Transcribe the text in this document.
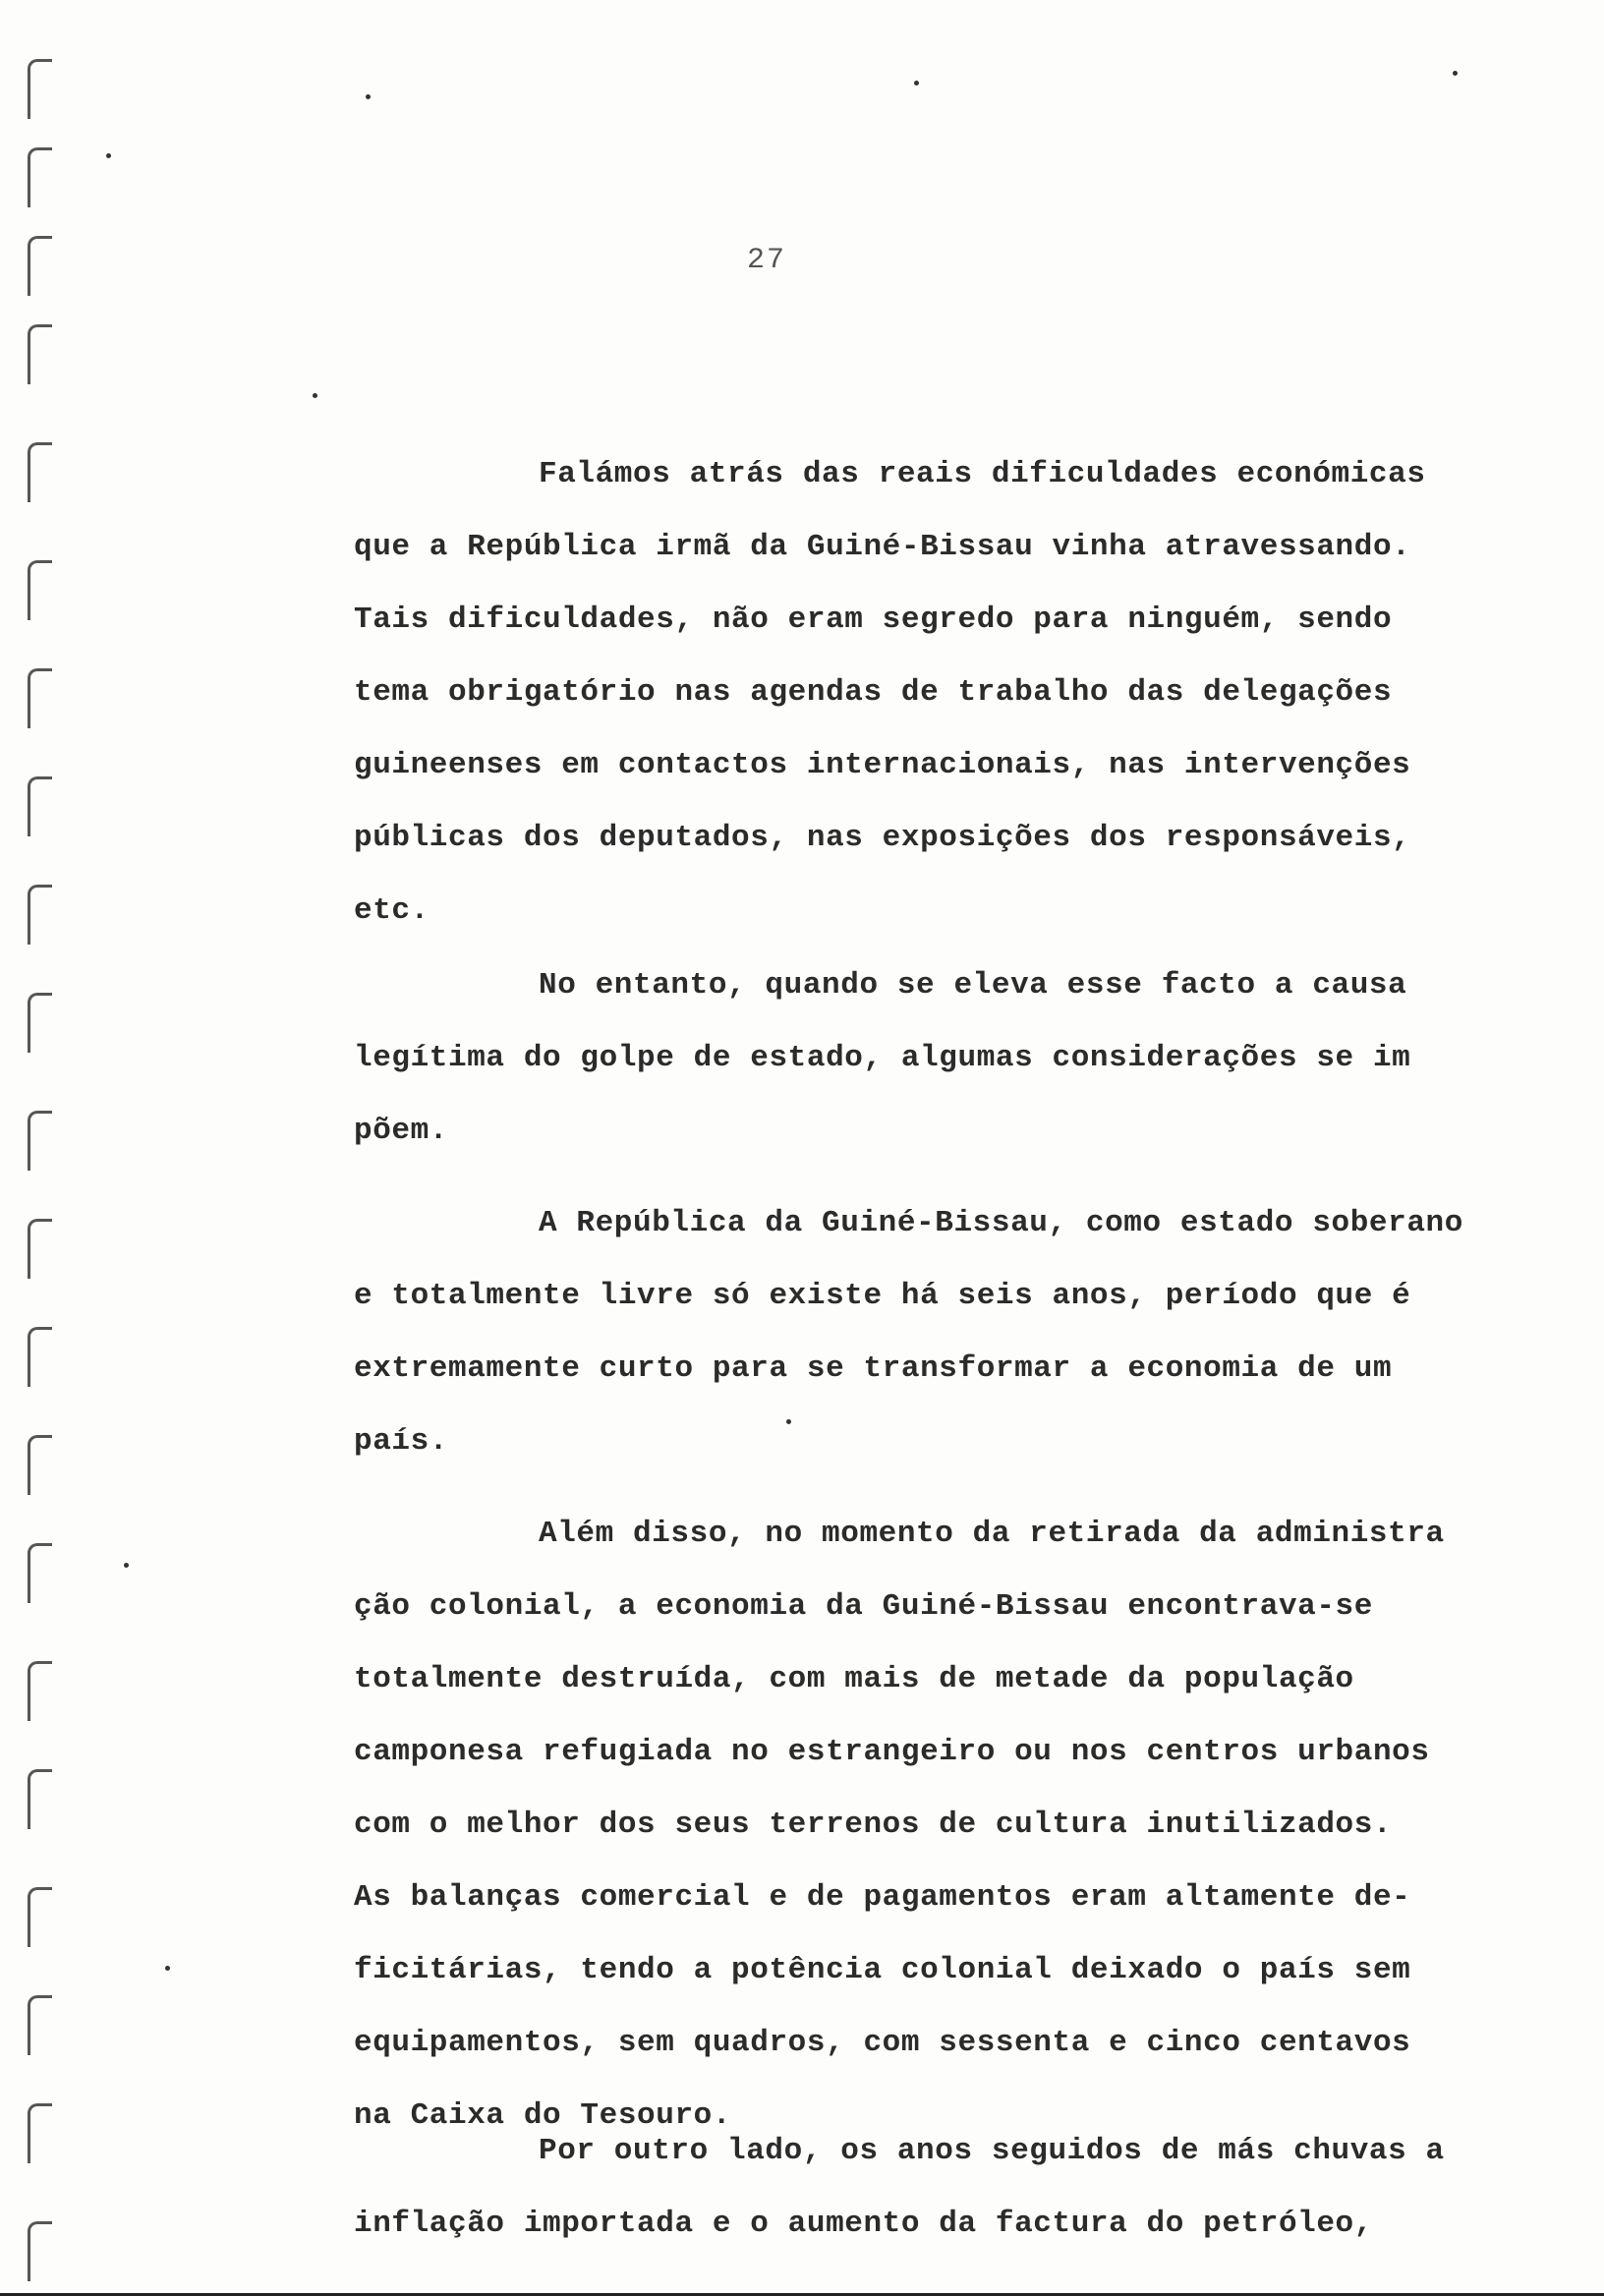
27
Falámos atrás das reais dificuldades económicas
que a República irmã da Guiné-Bissau vinha atravessando.
Tais dificuldades, não eram segredo para ninguém, sendo
tema obrigatório nas agendas de trabalho das delegações
guineenses em contactos internacionais, nas intervenções
públicas dos deputados, nas exposições dos responsáveis,
etc.
No entanto, quando se eleva esse facto a causa
legítima do golpe de estado, algumas considerações se im
põem.
A República da Guiné-Bissau, como estado soberano
e totalmente livre só existe há seis anos, período que é
extremamente curto para se transformar a economia de um
país.
Além disso, no momento da retirada da administra
ção colonial, a economia da Guiné-Bissau encontrava-se
totalmente destruída, com mais de metade da população
camponesa refugiada no estrangeiro ou nos centros urbanos
com o melhor dos seus terrenos de cultura inutilizados.
As balanças comercial e de pagamentos eram altamente de-
ficitárias, tendo a potência colonial deixado o país sem
equipamentos, sem quadros, com sessenta e cinco centavos
na Caixa do Tesouro.
Por outro lado, os anos seguidos de más chuvas a
inflação importada e o aumento da factura do petróleo,
